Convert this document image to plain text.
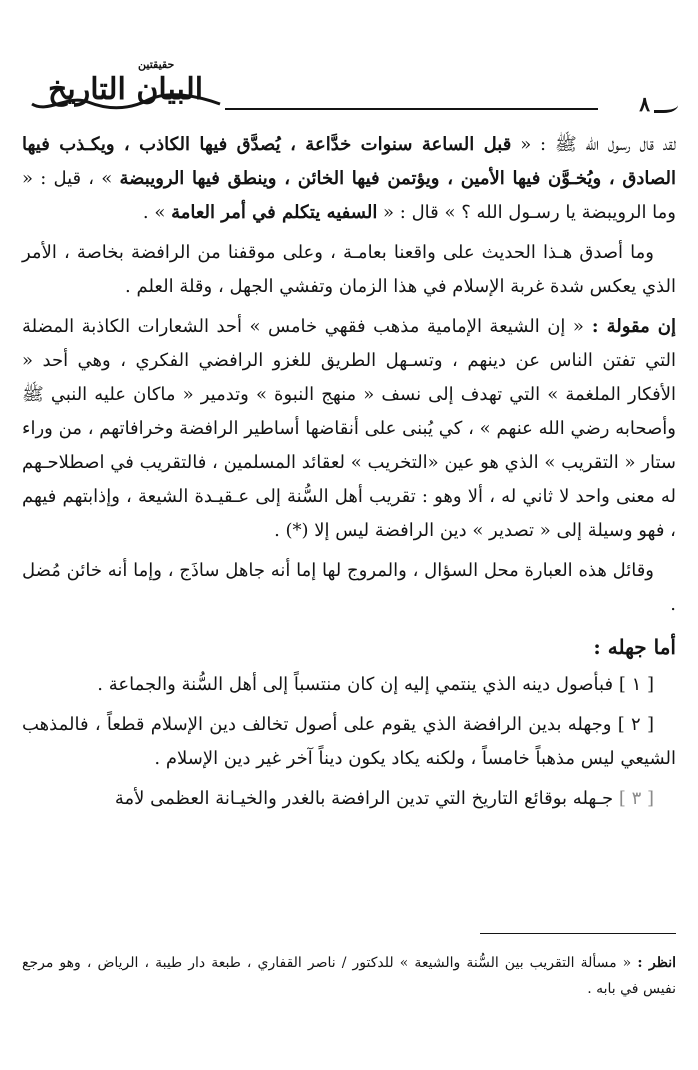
٨
حقيقتين
البيان التاريخ

لقد قال رسول الله ﷺ : « قبل الساعة سنوات خدَّاعة ، يُصدَّق فيها الكاذب ، ويكـذب فيها الصادق ، ويُخـوَّن فيها الأمين ، ويؤتمن فيها الخائن ، وينطق فيها الرويبضة » ، قيل : « وما الرويبضة يا رسـول الله ؟ » قال : « السفيه يتكلم في أمر العامة » .

وما أصدق هـذا الحديث على واقعنا بعامـة ، وعلى موقفنا من الرافضة بخاصة ، الأمر الذي يعكس شدة غربة الإسلام في هذا الزمان وتفشي الجهل ، وقلة العلم .

إن مقولة : « إن الشيعة الإمامية مذهب فقهي خامس » أحد الشعارات الكاذبة المضلة التي تفتن الناس عن دينهم ، وتسـهل الطريق للغزو الرافضي الفكري ، وهي أحد « الأفكار الملغمة » التي تهدف إلى نسف « منهج النبوة » وتدمير « ماكان عليه النبي ﷺ وأصحابه رضي الله عنهم » ، كي يُبنى على أنقاضها أساطير الرافضة وخرافاتهم ، من وراء ستار « التقريب » الذي هو عين «التخريب » لعقائد المسلمين ، فالتقريب في اصطلاحـهم له معنى واحد لا ثاني له ، ألا وهو : تقريب أهل السُّنة إلى عـقيـدة الشيعة ، وإذابتهم فيهم ، فهو وسيلة إلى « تصدير » دين الرافضة ليس إلا (*) .

وقائل هذه العبارة محل السؤال ، والمروج لها إما أنه جاهل ساذَج ، وإما أنه خائن مُضل .

أما جهله :

[ ١ ] فبأصول دينه الذي ينتمي إليه إن كان منتسباً إلى أهل السُّنة والجماعة .

[ ٢ ] وجهله بدين الرافضة الذي يقوم على أصول تخالف دين الإسلام قطعاً ، فالمذهب الشيعي ليس مذهباً خامساً ، ولكنه يكاد يكون ديناً آخر غير دين الإسلام .

[ ٣ ] جـهله بوقائع التاريخ التي تدين الرافضة بالغدر والخيـانة العظمى لأمة

انظر : « مسألة التقريب بين السُّنة والشيعة » للدكتور / ناصر القفاري ، طبعة دار طيبة ، الرياض ، وهو مرجع نفيس في بابه .
